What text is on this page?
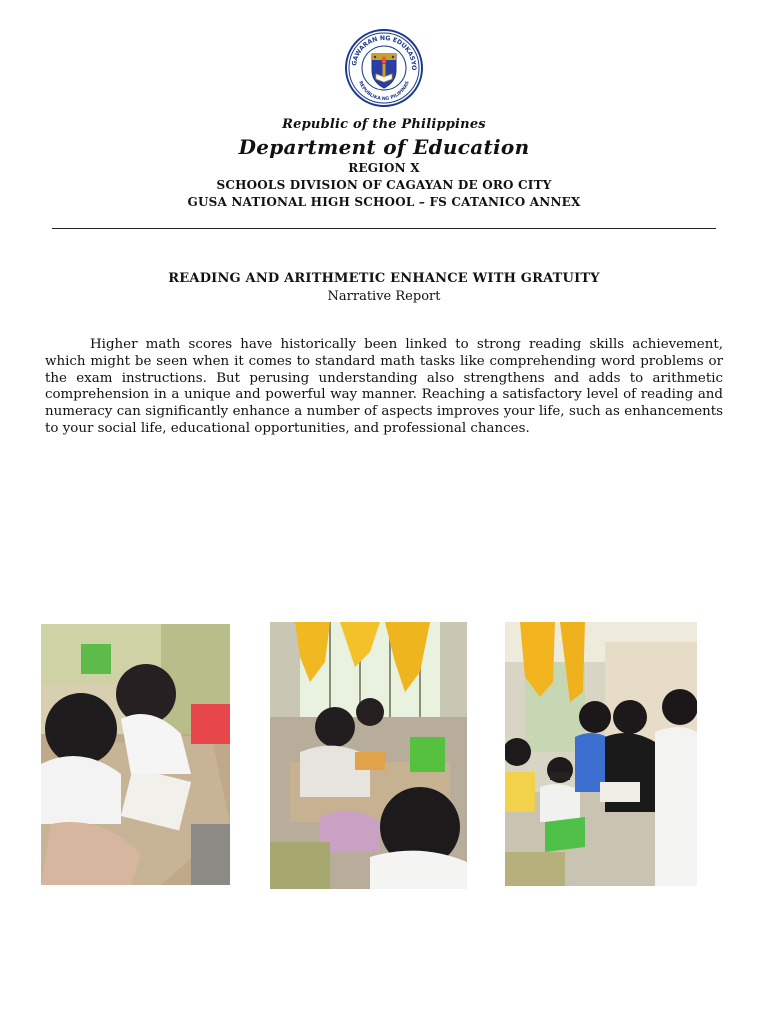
GAWARAN NG EDUKASYO
REPUBLIKA NG PILIPINAS
Republic of the Philippines
Department of Education
REGION X
SCHOOLS DIVISION OF CAGAYAN DE ORO CITY
GUSA NATIONAL HIGH SCHOOL – FS CATANICO ANNEX
READING AND ARITHMETIC ENHANCE WITH GRATUITY
Narrative Report

Higher math scores have historically been linked to strong reading skills achievement, which might be seen when it comes to standard math tasks like comprehending word problems or the exam instructions. But perusing understanding also strengthens and adds to arithmetic comprehension in a unique and powerful way manner. Reaching a satisfactory level of reading and numeracy can significantly enhance a number of aspects improves your life, such as enhancements to your social life, educational opportunities, and professional chances.
